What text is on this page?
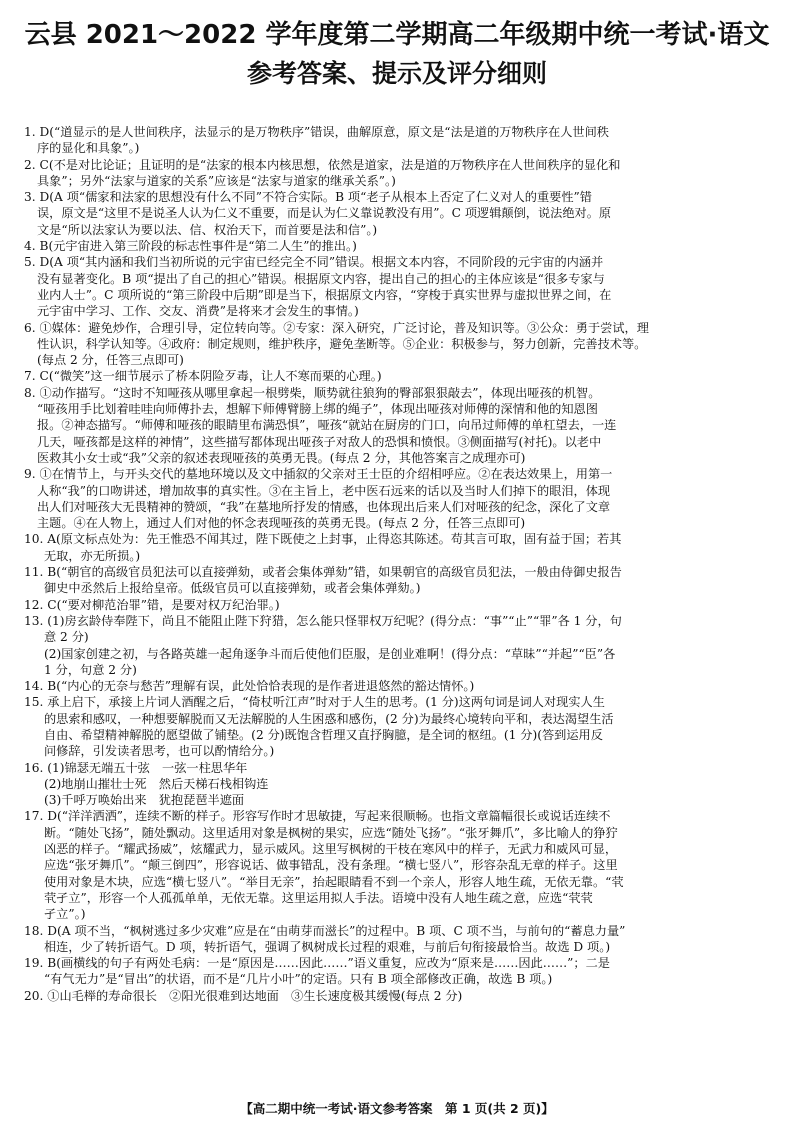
云县 2021～2022 学年度第二学期高二年级期中统一考试·语文
参考答案、提示及评分细则
1. D(“道显示的是人世间秩序，法显示的是万物秩序”错误，曲解原意，原文是“法是道的万物秩序在人世间秩
序的显化和具象”。)
2. C(不是对比论证；且证明的是“法家的根本内核思想，依然是道家，法是道的万物秩序在人世间秩序的显化和
具象”；另外“法家与道家的关系”应该是“法家与道家的继承关系”。)
3. D(A 项“儒家和法家的思想没有什么不同”不符合实际。B 项“老子从根本上否定了仁义对人的重要性”错
误，原文是“这里不是说圣人认为仁义不重要，而是认为仁义靠说教没有用”。C 项逻辑颠倒，说法绝对。原
文是“所以法家认为要以法、信、权治天下，而首要是法和信”。)
4. B(元宇宙进入第三阶段的标志性事件是“第二人生”的推出。)
5. D(A 项“其内涵和我们当初所说的元宇宙已经完全不同”错误。根据文本内容，不同阶段的元宇宙的内涵并
没有显著变化。B 项“提出了自己的担心”错误。根据原文内容，提出自己的担心的主体应该是“很多专家与
业内人士”。C 项所说的“第三阶段中后期”即是当下，根据原文内容，“穿梭于真实世界与虚拟世界之间，在
元宇宙中学习、工作、交友、消费”是将来才会发生的事情。)
6. ①媒体：避免炒作，合理引导，定位转向等。②专家：深入研究，广泛讨论，普及知识等。③公众：勇于尝试，理
性认识，科学认知等。④政府：制定规则，维护秩序，避免垄断等。⑤企业：积极参与，努力创新，完善技术等。
(每点 2 分，任答三点即可)
7. C(“微笑”这一细节展示了桥本阴险歹毒，让人不寒而栗的心理。)
8. ①动作描写。“这时不知哑孩从哪里拿起一根劈柴，顺势就往狼狗的臀部狠狠敲去”，体现出哑孩的机智。
“哑孩用手比划着哇哇向师傅扑去，想解下师傅臂膀上绑的绳子”，体现出哑孩对师傅的深情和他的知恩图
报。②神态描写。“师傅和哑孩的眼睛里布满恐惧”，哑孩“就站在厨房的门口，向吊过师傅的单杠望去，一连
几天，哑孩都是这样的神情”，这些描写都体现出哑孩子对敌人的恐惧和愤恨。③侧面描写(衬托)。以老中
医救其小女士或“我”父亲的叙述表现哑孩的英勇无畏。(每点 2 分，其他答案言之成理亦可)
9. ①在情节上，与开头交代的墓地环境以及文中插叙的父亲对王士臣的介绍相呼应。②在表达效果上，用第一
人称“我”的口吻讲述，增加故事的真实性。③在主旨上，老中医石远来的话以及当时人们掉下的眼泪，体现
出人们对哑孩大无畏精神的赞颂，“我”在墓地所抒发的情感，也体现出后来人们对哑孩的纪念，深化了文章
主题。④在人物上，通过人们对他的怀念表现哑孩的英勇无畏。(每点 2 分，任答三点即可)
10. A(原文标点处为：先王惟恐不闻其过，陛下既使之上封事，止得恣其陈述。苟其言可取，固有益于国；若其
无取，亦无所损。)
11. B(“朝官的高级官员犯法可以直接弹劾，或者会集体弹劾”错，如果朝官的高级官员犯法，一般由侍御史报告
御史中丞然后上报给皇帝。低级官员可以直接弹劾，或者会集体弹劾。)
12. C(“要对柳范治罪”错，是要对权万纪治罪。)
13. (1)房玄龄侍奉陛下，尚且不能阻止陛下狩猎，怎么能只怪罪权万纪呢？(得分点：“事”“止”“罪”各 1 分，句
意 2 分)
(2)国家创建之初，与各路英雄一起角逐争斗而后使他们臣服，是创业难啊！(得分点：“草昧”“并起”“臣”各
1 分，句意 2 分)
14. B(“内心的无奈与愁苦”理解有误，此处恰恰表现的是作者进退悠然的豁达情怀。)
15. 承上启下，承接上片词人酒醒之后，“倚杖听江声”时对于人生的思考。(1 分)这两句词是词人对现实人生
的思索和感叹，一种想要解脱而又无法解脱的人生困惑和感伤，(2 分)为最终心境转向平和，表达渴望生活
自由、希望精神解脱的愿望做了铺垫。(2 分)既饱含哲理又直抒胸臆，是全词的枢纽。(1 分)(答到运用反
问修辞，引发读者思考，也可以酌情给分。)
16. (1)锦瑟无端五十弦　一弦一柱思华年
(2)地崩山摧壮士死　然后天梯石栈相钩连
(3)千呼万唤始出来　犹抱琵琶半遮面
17. D(“洋洋洒洒”，连续不断的样子。形容写作时才思敏捷，写起来很顺畅。也指文章篇幅很长或说话连续不
断。“随处飞扬”，随处飘动。这里适用对象是枫树的果实，应选“随处飞扬”。“张牙舞爪”，多比喻人的狰狞
凶恶的样子。“耀武扬威”，炫耀武力，显示威风。这里写枫树的干枝在寒风中的样子，无武力和威风可显，
应选“张牙舞爪”。“颠三倒四”，形容说话、做事错乱，没有条理。“横七竖八”，形容杂乱无章的样子。这里
使用对象是木块，应选“横七竖八”。“举目无亲”，抬起眼睛看不到一个亲人，形容人地生疏，无依无靠。“茕
茕孑立”，形容一个人孤孤单单，无依无靠。这里运用拟人手法。语境中没有人地生疏之意，应选“茕茕
孑立”。)
18. D(A 项不当，“枫树逃过多少灾难”应是在“由萌芽而滋长”的过程中。B 项、C 项不当，与前句的“蓄息力量”
相连，少了转折语气。D 项，转折语气，强调了枫树成长过程的艰难，与前后句衔接最恰当。故选 D 项。)
19. B(画横线的句子有两处毛病：一是“原因是……因此……”语义重复，应改为“原来是……因此……”；二是
“有气无力”是“冒出”的状语，而不是“几片小叶”的定语。只有 B 项全部修改正确，故选 B 项。)
20. ①山毛榉的寿命很长　②阳光很难到达地面　③生长速度极其缓慢(每点 2 分)
【高二期中统一考试·语文参考答案　第 1 页(共 2 页)】
